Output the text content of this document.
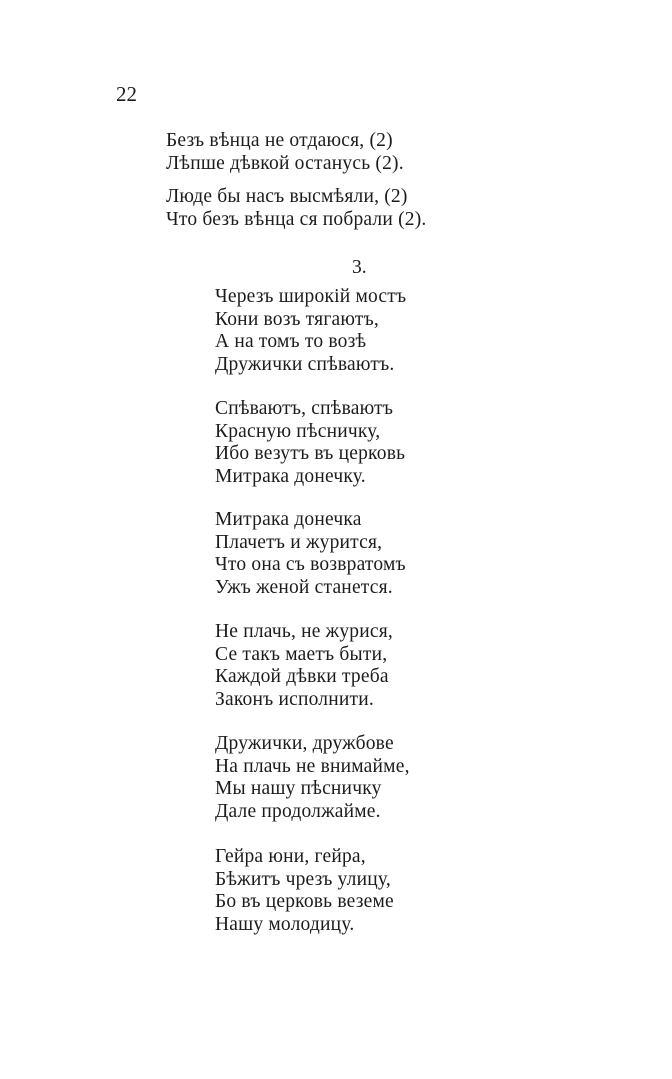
22
Безъ вѣнца не отдаюся, (2)
Лѣпше дѣвкой останусь (2).
Люде бы насъ высмѣяли, (2)
Что безъ вѣнца ся побрали (2).
3.
Черезъ широкій мостъ
Кони возъ тягаютъ,
А на томъ то возѣ
Дружички спѣваютъ.
Спѣваютъ, спѣваютъ
Красную пѣсничку,
Ибо везутъ въ церковь
Митрака донечку.
Митрака донечка
Плачетъ и журится,
Что она съ возвратомъ
Ужъ женой станется.
Не плачь, не журися,
Се такъ маетъ быти,
Каждой дѣвки треба
Законъ исполнити.
Дружички, дружбове
На плачь не внимайме,
Мы нашу пѣсничку
Дале продолжайме.
Гейра юни, гейра,
Бѣжитъ чрезъ улицу,
Бо въ церковь веземе
Нашу молодицу.
